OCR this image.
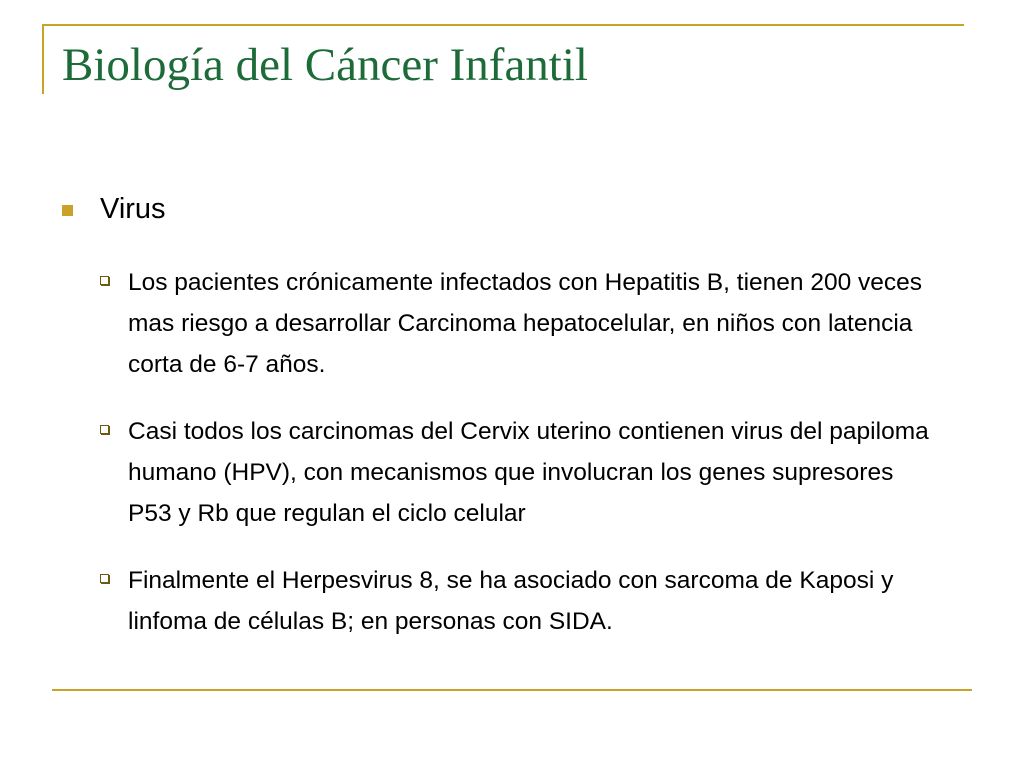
Biología del Cáncer Infantil
Virus
Los pacientes crónicamente infectados con Hepatitis B, tienen 200 veces mas riesgo a desarrollar Carcinoma hepatocelular, en niños con latencia corta de 6-7 años.
Casi todos los carcinomas del Cervix uterino contienen virus del papiloma humano (HPV), con mecanismos que involucran los genes supresores P53 y Rb que regulan el ciclo celular
Finalmente el Herpesvirus 8, se ha asociado con sarcoma de Kaposi y linfoma de células B; en personas con SIDA.
